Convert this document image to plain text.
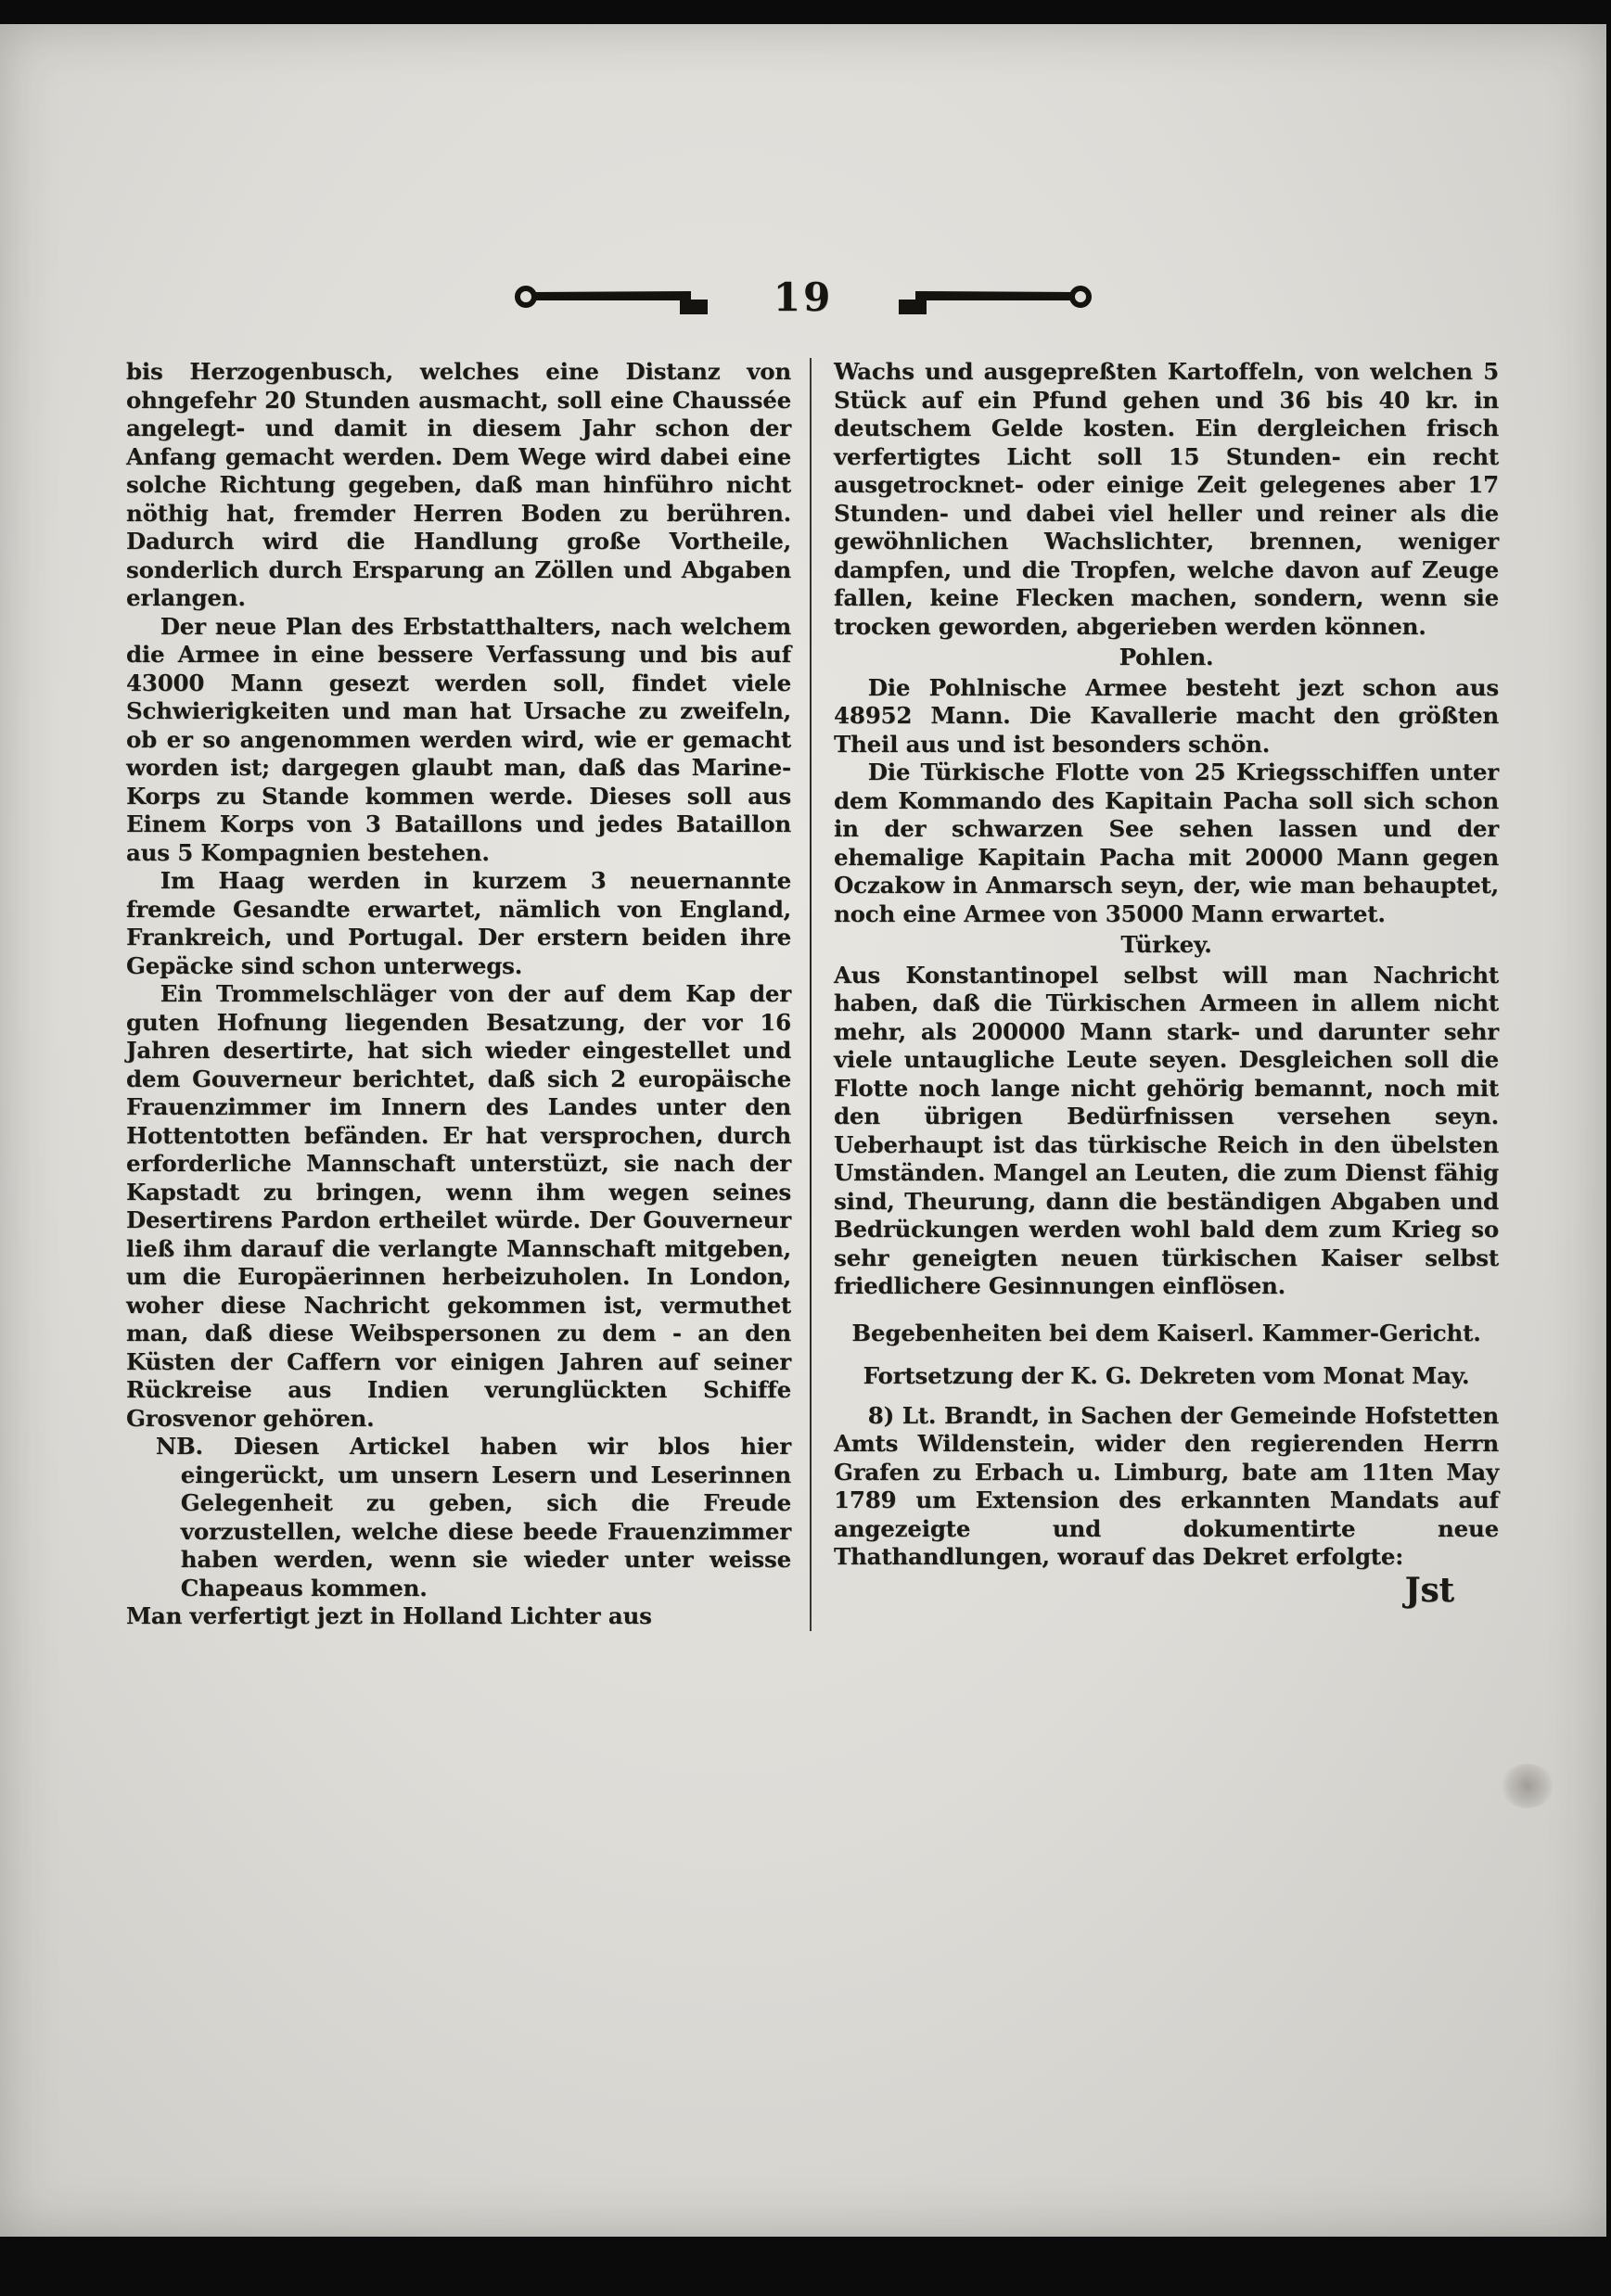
19

bis Herzogenbusch, welches eine Distanz von ohngefehr 20 Stunden ausmacht, soll eine Chaussée angelegt- und damit in diesem Jahr schon der Anfang gemacht werden. Dem Wege wird dabei eine solche Richtung gegeben, daß man hinführo nicht nöthig hat, fremder Herren Boden zu berühren. Dadurch wird die Handlung große Vortheile, sonderlich durch Ersparung an Zöllen und Abgaben erlangen.

Der neue Plan des Erbstatthalters, nach welchem die Armee in eine bessere Verfassung und bis auf 43000 Mann gesezt werden soll, findet viele Schwierigkeiten und man hat Ursache zu zweifeln, ob er so angenommen werden wird, wie er gemacht worden ist; dargegen glaubt man, daß das Marine-Korps zu Stande kommen werde. Dieses soll aus Einem Korps von 3 Bataillons und jedes Bataillon aus 5 Kompagnien bestehen.

Im Haag werden in kurzem 3 neuernannte fremde Gesandte erwartet, nämlich von England, Frankreich, und Portugal. Der erstern beiden ihre Gepäcke sind schon unterwegs.

Ein Trommelschläger von der auf dem Kap der guten Hofnung liegenden Besatzung, der vor 16 Jahren desertirte, hat sich wieder eingestellet und dem Gouverneur berichtet, daß sich 2 europäische Frauenzimmer im Innern des Landes unter den Hottentotten befänden. Er hat versprochen, durch erforderliche Mannschaft unterstüzt, sie nach der Kapstadt zu bringen, wenn ihm wegen seines Desertirens Pardon ertheilet würde. Der Gouverneur ließ ihm darauf die verlangte Mannschaft mitgeben, um die Europäerinnen herbeizuholen. In London, woher diese Nachricht gekommen ist, vermuthet man, daß diese Weibspersonen zu dem - an den Küsten der Caffern vor einigen Jahren auf seiner Rückreise aus Indien verunglückten Schiffe Grosvenor gehören.

NB. Diesen Artickel haben wir blos hier eingerückt, um unsern Lesern und Leserinnen Gelegenheit zu geben, sich die Freude vorzustellen, welche diese beede Frauenzimmer haben werden, wenn sie wieder unter weisse Chapeaus kommen.

Man verfertigt jezt in Holland Lichter aus

Wachs und ausgepreßten Kartoffeln, von welchen 5 Stück auf ein Pfund gehen und 36 bis 40 kr. in deutschem Gelde kosten. Ein dergleichen frisch verfertigtes Licht soll 15 Stunden- ein recht ausgetrocknet- oder einige Zeit gelegenes aber 17 Stunden- und dabei viel heller und reiner als die gewöhnlichen Wachslichter, brennen, weniger dampfen, und die Tropfen, welche davon auf Zeuge fallen, keine Flecken machen, sondern, wenn sie trocken geworden, abgerieben werden können.

Pohlen.

Die Pohlnische Armee besteht jezt schon aus 48952 Mann. Die Kavallerie macht den größten Theil aus und ist besonders schön.

Die Türkische Flotte von 25 Kriegsschiffen unter dem Kommando des Kapitain Pacha soll sich schon in der schwarzen See sehen lassen und der ehemalige Kapitain Pacha mit 20000 Mann gegen Oczakow in Anmarsch seyn, der, wie man behauptet, noch eine Armee von 35000 Mann erwartet.

Türkey.

Aus Konstantinopel selbst will man Nachricht haben, daß die Türkischen Armeen in allem nicht mehr, als 200000 Mann stark- und darunter sehr viele untaugliche Leute seyen. Desgleichen soll die Flotte noch lange nicht gehörig bemannt, noch mit den übrigen Bedürfnissen versehen seyn. Ueberhaupt ist das türkische Reich in den übelsten Umständen. Mangel an Leuten, die zum Dienst fähig sind, Theurung, dann die beständigen Abgaben und Bedrückungen werden wohl bald dem zum Krieg so sehr geneigten neuen türkischen Kaiser selbst friedlichere Gesinnungen einflösen.

Begebenheiten bei dem Kaiserl. Kammer-Gericht.
Fortsetzung der K. G. Dekreten vom Monat May.

8) Lt. Brandt, in Sachen der Gemeinde Hofstetten Amts Wildenstein, wider den regierenden Herrn Grafen zu Erbach u. Limburg, bate am 11ten May 1789 um Extension des erkannten Mandats auf angezeigte und dokumentirte neue Thathandlungen, worauf das Dekret erfolgte:

Jst
